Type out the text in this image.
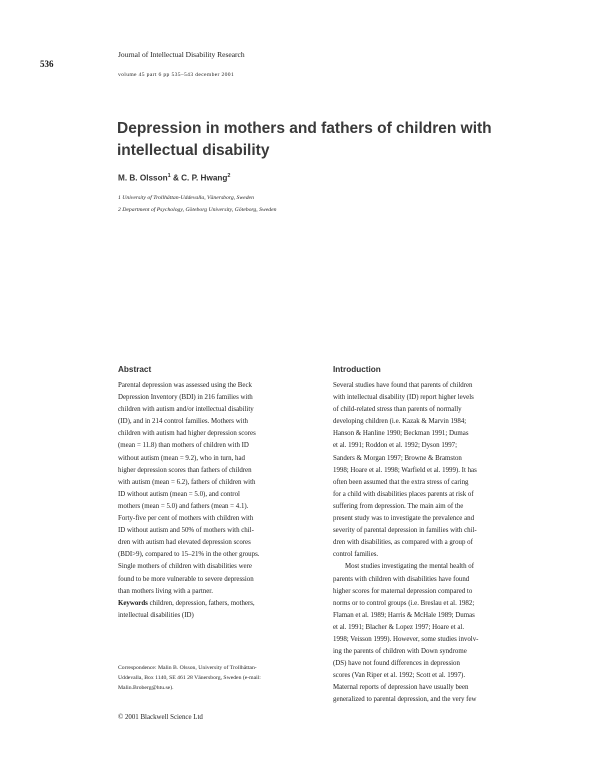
536
Journal of Intellectual Disability Research
volume 45 part 6 pp 535–543 december 2001
Depression in mothers and fathers of children with
intellectual disability
M. B. Olsson$^1$ & C. P. Hwang$^2$
1 University of Trollhättan-Uddevalla, Vänersborg, Sweden
2 Department of Psychology, Göteborg University, Göteborg, Sweden
Abstract
Parental depression was assessed using the Beck
Depression Inventory (BDI) in 216 families with
children with autism and/or intellectual disability
(ID), and in 214 control families. Mothers with
children with autism had higher depression scores
(mean = 11.8) than mothers of children with ID
without autism (mean = 9.2), who in turn, had
higher depression scores than fathers of children
with autism (mean = 6.2), fathers of children with
ID without autism (mean = 5.0), and control
mothers (mean = 5.0) and fathers (mean = 4.1).
Forty-five per cent of mothers with children with
ID without autism and 50% of mothers with chil-
dren with autism had elevated depression scores
(BDI>9), compared to 15–21% in the other groups.
Single mothers of children with disabilities were
found to be more vulnerable to severe depression
than mothers living with a partner.
Keywords children, depression, fathers, mothers,
intellectual disabilities (ID)
Introduction
Several studies have found that parents of children
with intellectual disability (ID) report higher levels
of child-related stress than parents of normally
developing children (i.e. Kazak & Marvin 1984;
Hanson & Hanline 1990; Beckman 1991; Dumas
et al. 1991; Roddon et al. 1992; Dyson 1997;
Sanders & Morgan 1997; Browne & Bramston
1998; Hoare et al. 1998; Warfield et al. 1999). It has
often been assumed that the extra stress of caring
for a child with disabilities places parents at risk of
suffering from depression. The main aim of the
present study was to investigate the prevalence and
severity of parental depression in families with chil-
dren with disabilities, as compared with a group of
control families.
Most studies investigating the mental health of
parents with children with disabilities have found
higher scores for maternal depression compared to
norms or to control groups (i.e. Breslau et al. 1982;
Flaman et al. 1989; Harris & McHale 1989; Dumas
et al. 1991; Blacher & Lopez 1997; Hoare et al.
1998; Veisson 1999). However, some studies involv-
ing the parents of children with Down syndrome
(DS) have not found differences in depression
scores (Van Riper et al. 1992; Scott et al. 1997).
Maternal reports of depression have usually been
generalized to parental depression, and the very few
Correspondence: Malin B. Olsson, University of Trollhättan-
Uddevalla, Box 1140, SE 461 28 Vänersborg, Sweden (e-mail:
Malin.Broberg@htu.se).
© 2001 Blackwell Science Ltd
